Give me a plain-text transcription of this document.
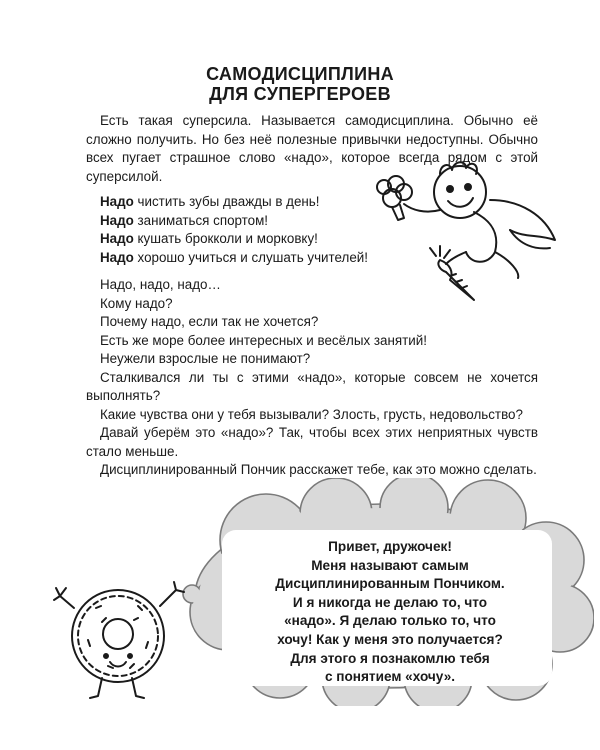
САМОДИСЦИПЛИНА
ДЛЯ СУПЕРГЕРОЕВ

Есть такая суперсила. Называется самодисциплина. Обычно её сложно получить. Но без неё полезные привычки недоступны. Обычно всех пугает страшное слово «надо», которое всегда рядом с этой суперсилой.

Надо чистить зубы дважды в день!

Надо заниматься спортом!

Надо кушать брокколи и морковку!

Надо хорошо учиться и слушать учителей!

Надо, надо, надо…

Кому надо?

Почему надо, если так не хочется?

Есть же море более интересных и весёлых занятий!

Неужели взрослые не понимают?

Сталкивался ли ты с этими «надо», которые совсем не хочется выполнять?

Какие чувства они у тебя вызывали? Злость, грусть, недовольство?

Давай уберём это «надо»? Так, чтобы всех этих неприятных чувств стало меньше.

Дисциплинированный Пончик расскажет тебе, как это можно сделать.

Привет, дружочек!
Меня называют самым
Дисциплинированным Пончиком.
И я никогда не делаю то, что
«надо». Я делаю только то, что
хочу! Как у меня это получается?
Для этого я познакомлю тебя
с понятием «хочу».
